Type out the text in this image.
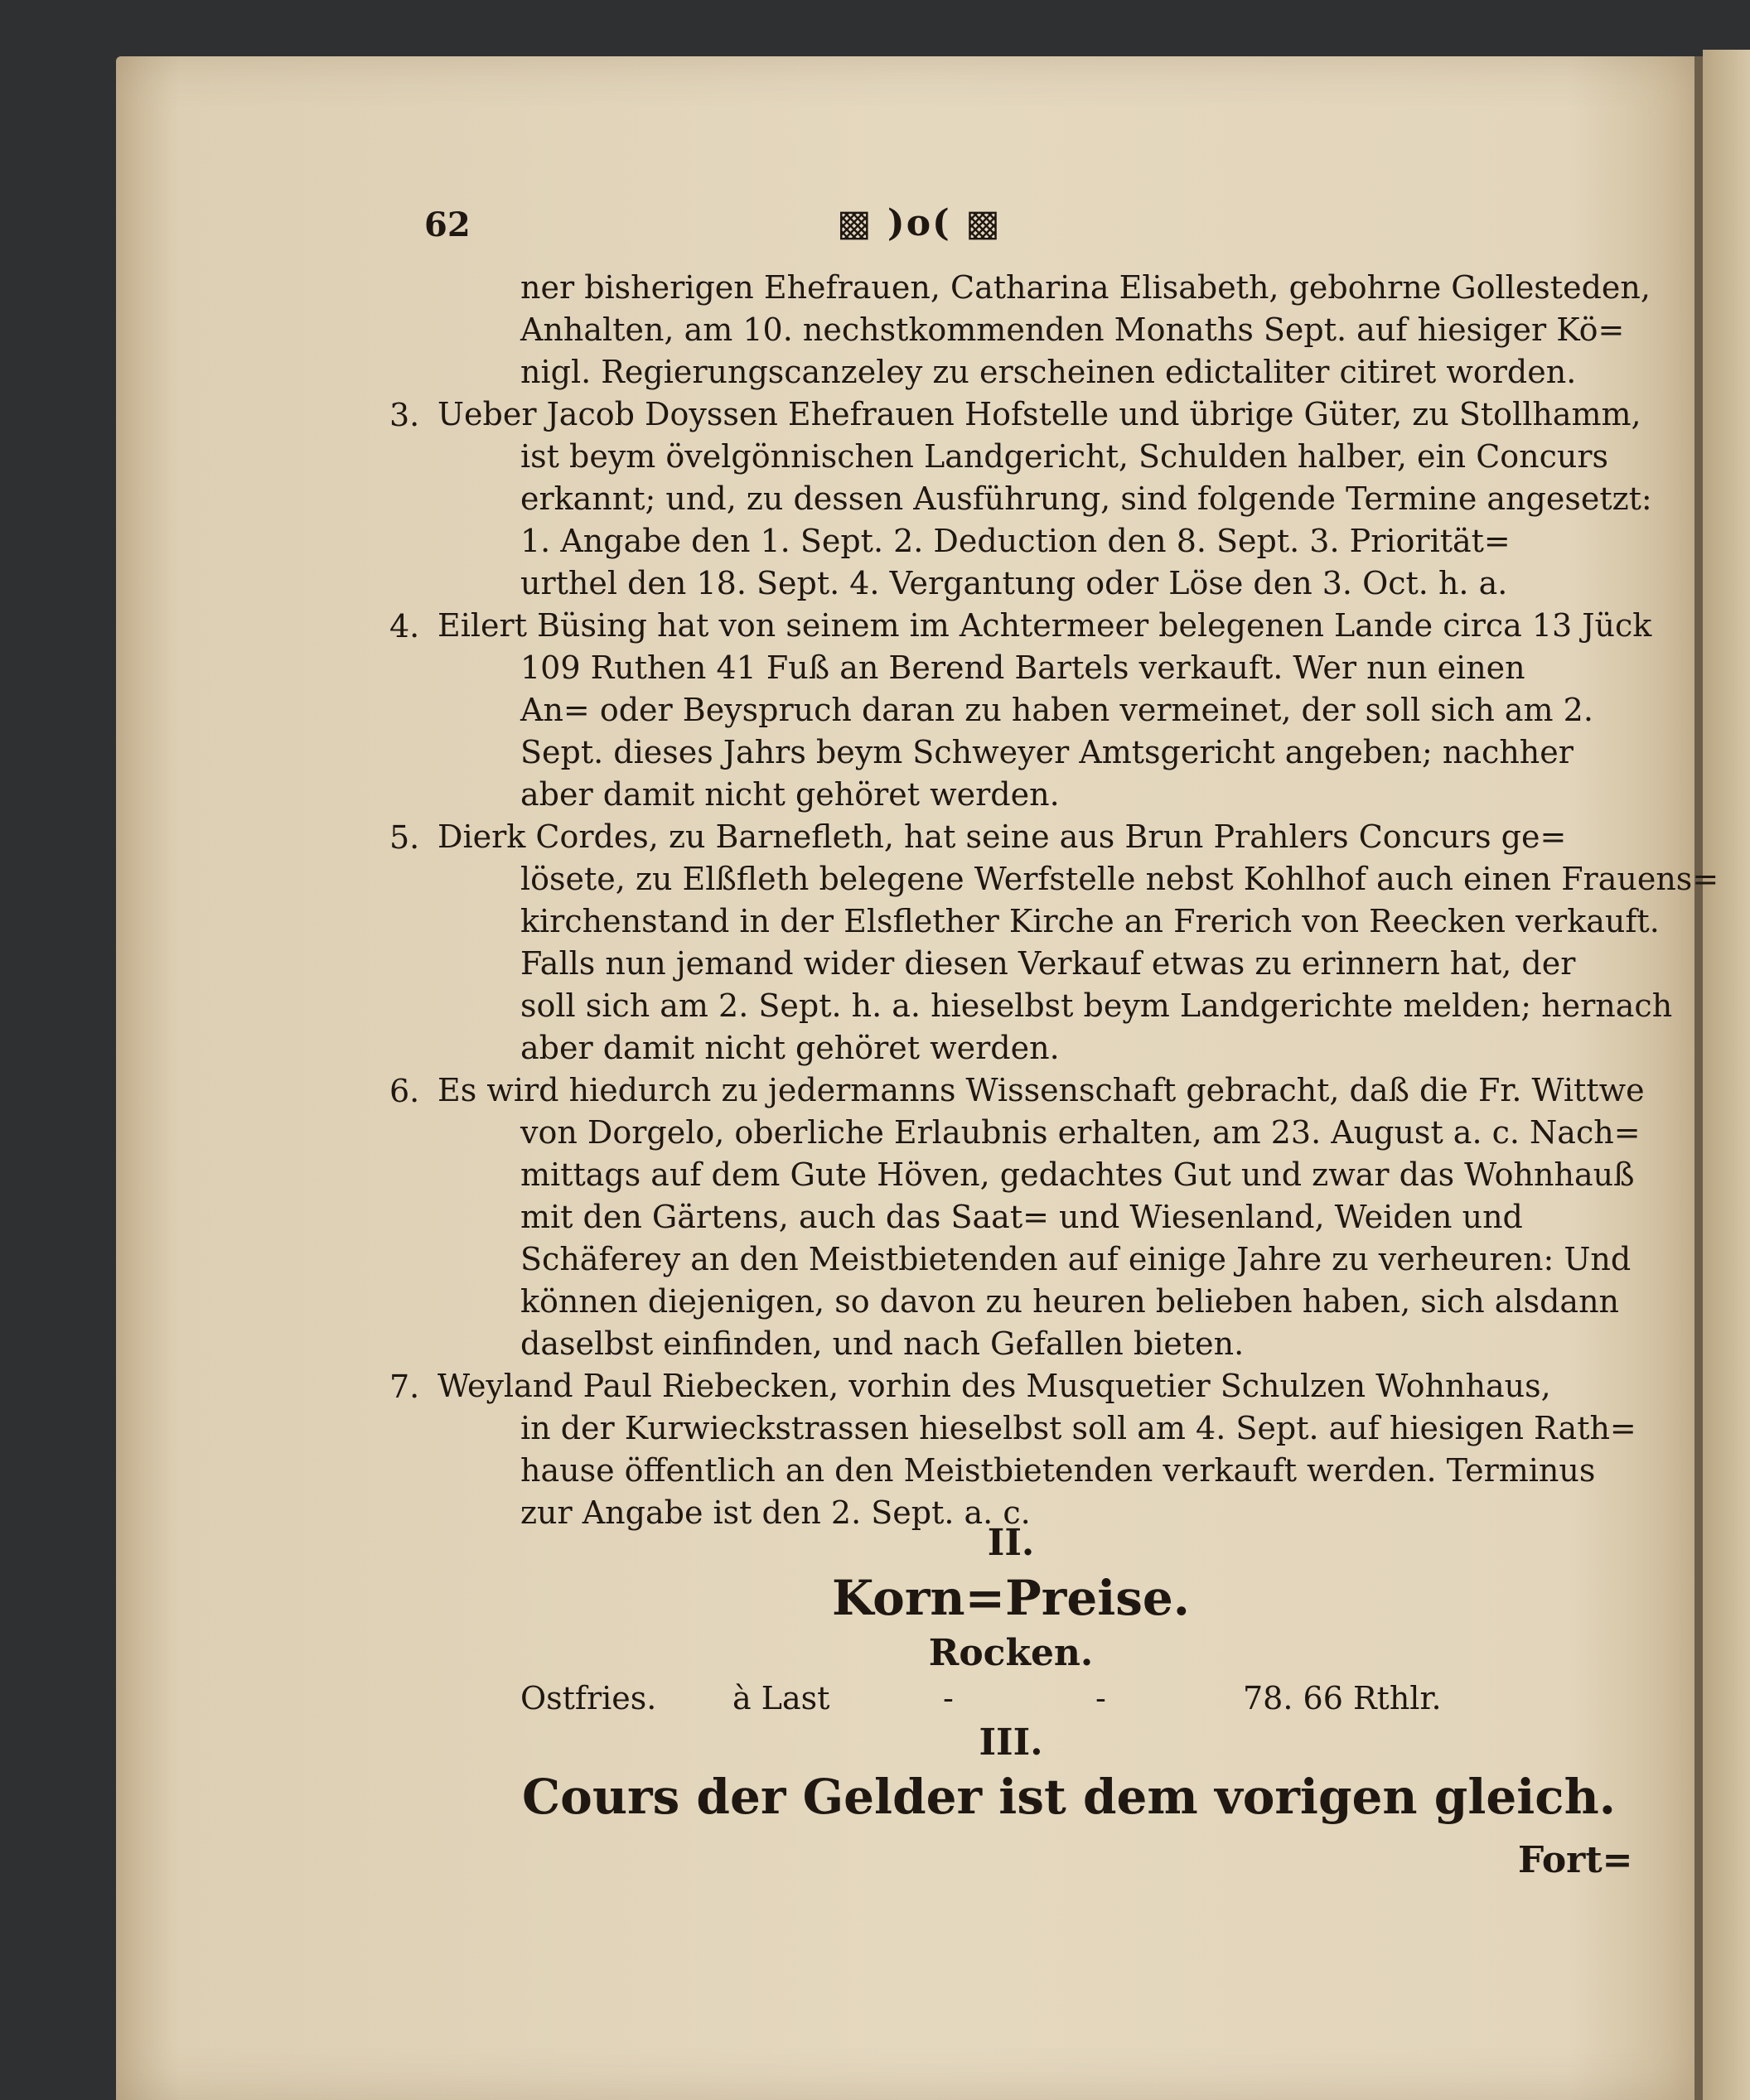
62	▩ )o( ▩
ner bisherigen Ehefrauen, Catharina Elisabeth, gebohrne Gollesteden,
Anhalten, am 10. nechstkommenden Monaths Sept. auf hiesiger Kö=
nigl. Regierungscanzeley zu erscheinen edictaliter citiret worden.
3. Ueber Jacob Doyssen Ehefrauen Hofstelle und übrige Güter, zu Stollhamm,
ist beym övelgönnischen Landgericht, Schulden halber, ein Concurs
erkannt; und, zu dessen Ausführung, sind folgende Termine angesetzt:
1. Angabe den 1. Sept. 2. Deduction den 8. Sept. 3. Priorität=
urthel den 18. Sept. 4. Vergantung oder Löse den 3. Oct. h. a.
4. Eilert Büsing hat von seinem im Achtermeer belegenen Lande circa 13 Jück
109 Ruthen 41 Fuß an Berend Bartels verkauft. Wer nun einen
An= oder Beyspruch daran zu haben vermeinet, der soll sich am 2.
Sept. dieses Jahrs beym Schweyer Amtsgericht angeben; nachher
aber damit nicht gehöret werden.
5. Dierk Cordes, zu Barnefleth, hat seine aus Brun Prahlers Concurs ge=
lösete, zu Elßfleth belegene Werfstelle nebst Kohlhof auch einen Frauens=
kirchenstand in der Elsflether Kirche an Frerich von Reecken verkauft.
Falls nun jemand wider diesen Verkauf etwas zu erinnern hat, der
soll sich am 2. Sept. h. a. hieselbst beym Landgerichte melden; hernach
aber damit nicht gehöret werden.
6. Es wird hiedurch zu jedermanns Wissenschaft gebracht, daß die Fr. Wittwe
von Dorgelo, oberliche Erlaubnis erhalten, am 23. August a. c. Nach=
mittags auf dem Gute Höven, gedachtes Gut und zwar das Wohnhauß
mit den Gärtens, auch das Saat= und Wiesenland, Weiden und
Schäferey an den Meistbietenden auf einige Jahre zu verheuren: Und
können diejenigen, so davon zu heuren belieben haben, sich alsdann
daselbst einfinden, und nach Gefallen bieten.
7. Weyland Paul Riebecken, vorhin des Musquetier Schulzen Wohnhaus,
in der Kurwieckstrassen hieselbst soll am 4. Sept. auf hiesigen Rath=
hause öffentlich an den Meistbietenden verkauft werden. Terminus
zur Angabe ist den 2. Sept. a. c.
II.
Korn=Preise.
Rocken.
Ostfries. à Last	-	-	78. 66 Rthlr.
III.
Cours der Gelder ist dem vorigen gleich.
Fort=
